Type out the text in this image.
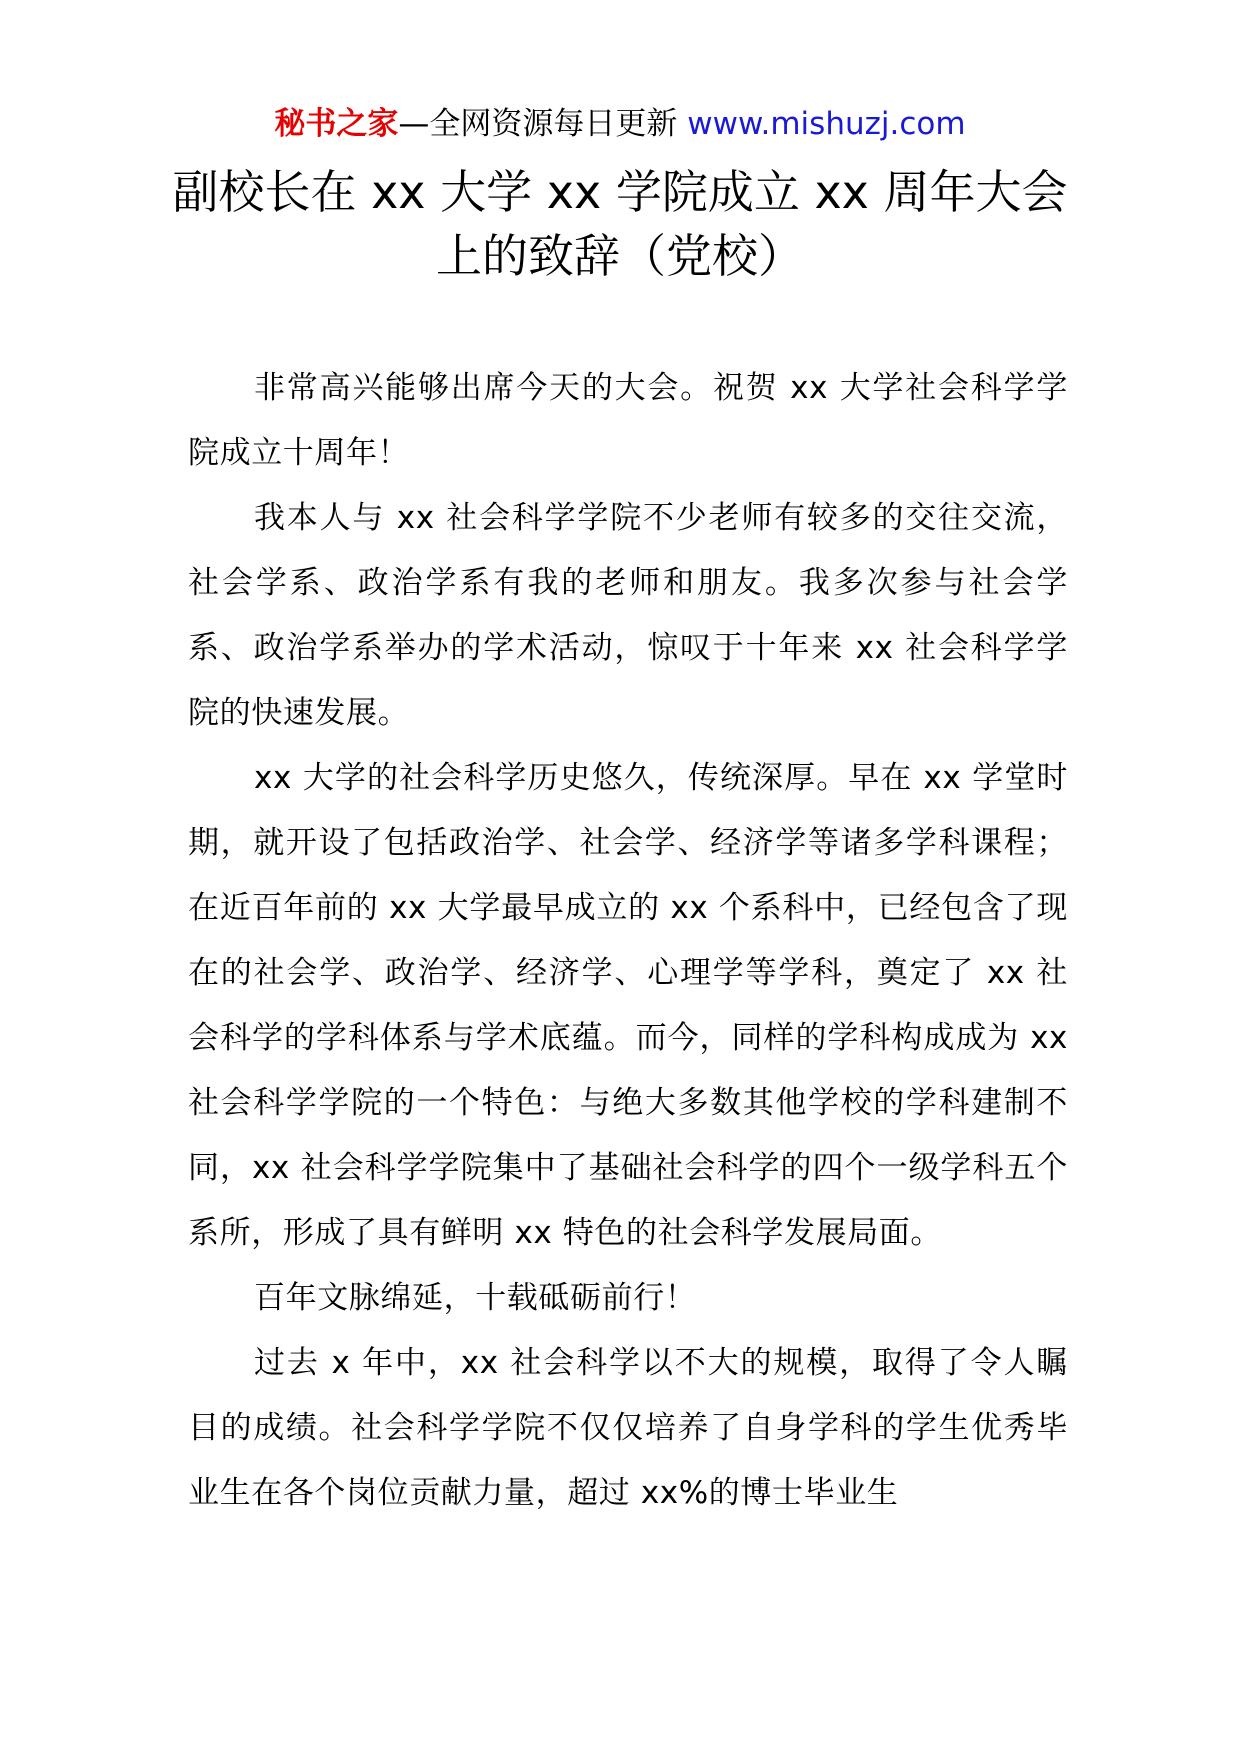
秘书之家—全网资源每日更新 www.mishuzj.com
副校长在 xx 大学 xx 学院成立 xx 周年大会
上的致辞（党校）

非常高兴能够出席今天的大会。祝贺 xx 大学社会科学学院成立十周年！

我本人与 xx 社会科学学院不少老师有较多的交往交流，社会学系、政治学系有我的老师和朋友。我多次参与社会学系、政治学系举办的学术活动，惊叹于十年来 xx 社会科学学院的快速发展。

xx 大学的社会科学历史悠久，传统深厚。早在 xx 学堂时期，就开设了包括政治学、社会学、经济学等诸多学科课程；在近百年前的 xx 大学最早成立的 xx 个系科中，已经包含了现在的社会学、政治学、经济学、心理学等学科，奠定了 xx 社会科学的学科体系与学术底蕴。而今，同样的学科构成成为 xx 社会科学学院的一个特色：与绝大多数其他学校的学科建制不同，xx 社会科学学院集中了基础社会科学的四个一级学科五个系所，形成了具有鲜明 xx 特色的社会科学发展局面。

百年文脉绵延，十载砥砺前行！

过去 x 年中，xx 社会科学以不大的规模，取得了令人瞩目的成绩。社会科学学院不仅仅培养了自身学科的学生优秀毕业生在各个岗位贡献力量，超过 xx%的博士毕业生
